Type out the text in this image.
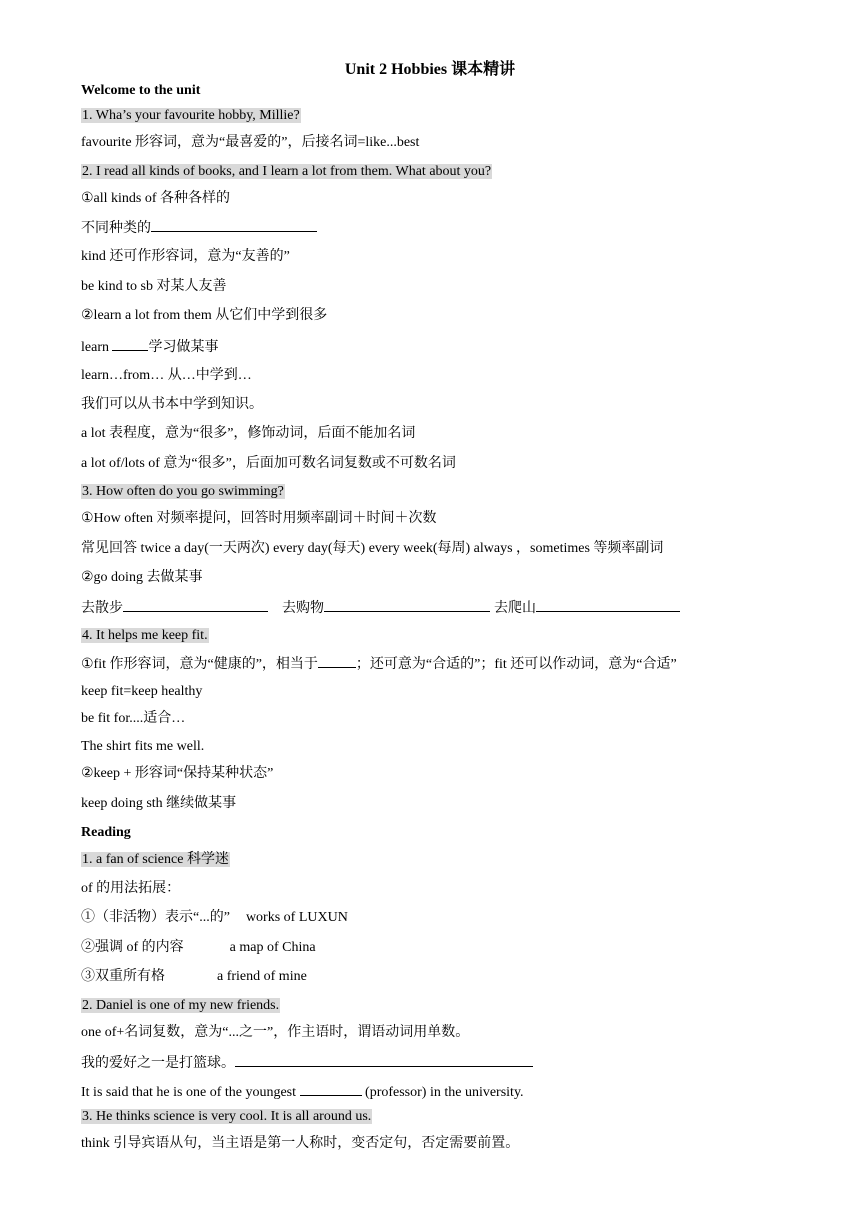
Unit 2 Hobbies 课本精讲
Welcome to the unit
1. Wha’s your favourite hobby, Millie?
favourite 形容词，意为“最喜爱的”，后接名词=like...best
2. I read all kinds of books, and I learn a lot from them. What about you?
①all kinds of 各种各样的
不同种类的
kind 还可作形容词，意为“友善的”
be kind to sb 对某人友善
②learn a lot from them 从它们中学到很多
learn	学习做某事
learn…from… 从…中学到…
我们可以从书本中学到知识。
a lot 表程度，意为“很多”，修饰动词，后面不能加名词
a lot of/lots of 意为“很多”，后面加可数名词复数或不可数名词
3. How often do you go swimming?
①How often 对频率提问，回答时用频率副词＋时间＋次数
常见回答 twice a day(一天两次) every day(每天) every week(每周) always ，sometimes 等频率副词
②go doing 去做某事
去散步	去购物	去爬山
4. It helps me keep fit.
①fit 作形容词，意为“健康的”，相当于	；还可意为“合适的”；fit 还可以作动词，意为“合适”
keep fit=keep healthy
be fit for....适合…
The shirt fits me well.
②keep + 形容词“保持某种状态”
keep doing sth 继续做某事
Reading
1. a fan of science 科学迷
of 的用法拓展：
①（非活物）表示“...的” works of LUXUN
②强调 of 的内容	a map of China
③双重所有格	a friend of mine
2. Daniel is one of my new friends.
one of+名词复数，意为“...之一”，作主语时，谓语动词用单数。
我的爱好之一是打篮球。
It is said that he is one of the youngest	(professor) in the university.
3. He thinks science is very cool. It is all around us.
think 引导宾语从句，当主语是第一人称时，变否定句，否定需要前置。
